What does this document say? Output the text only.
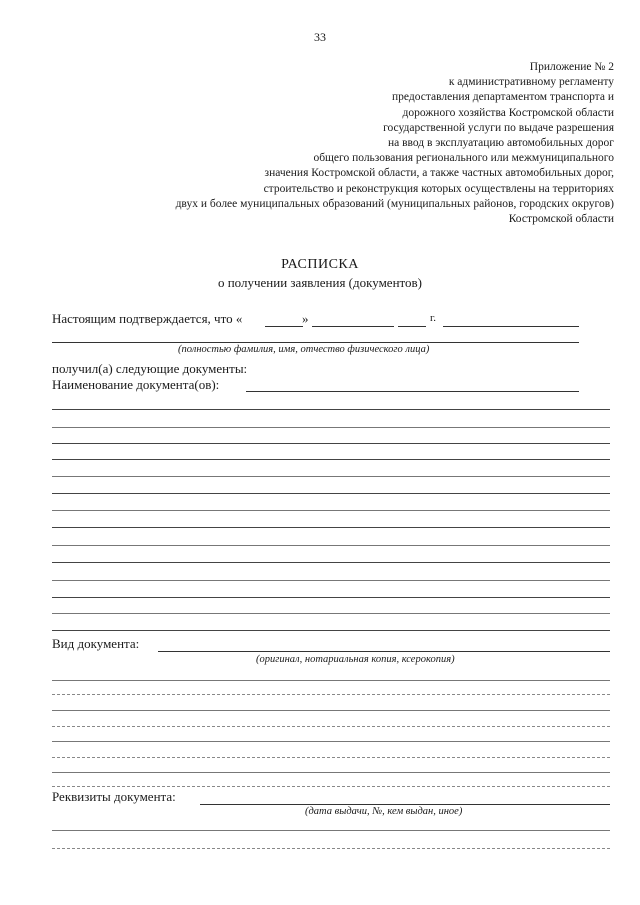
33
Приложение № 2
к административному регламенту
предоставления департаментом транспорта и
дорожного хозяйства Костромской области
государственной услуги по выдаче разрешения
на ввод в эксплуатацию автомобильных дорог
общего пользования регионального или межмуниципального
значения Костромской области, а также частных автомобильных дорог,
строительство и реконструкция которых осуществлены на территориях
двух и более муниципальных образований (муниципальных районов, городских округов)
Костромской области
РАСПИСКА
о получении заявления (документов)
Настоящим подтверждается, что «	»	г.
(полностью фамилия, имя, отчество физического лица)
получил(а) следующие документы:
Наименование документа(ов):
Вид документа:
(оригинал, нотариальная копия, ксерокопия)
Реквизиты документа:
(дата выдачи, №, кем выдан, иное)
